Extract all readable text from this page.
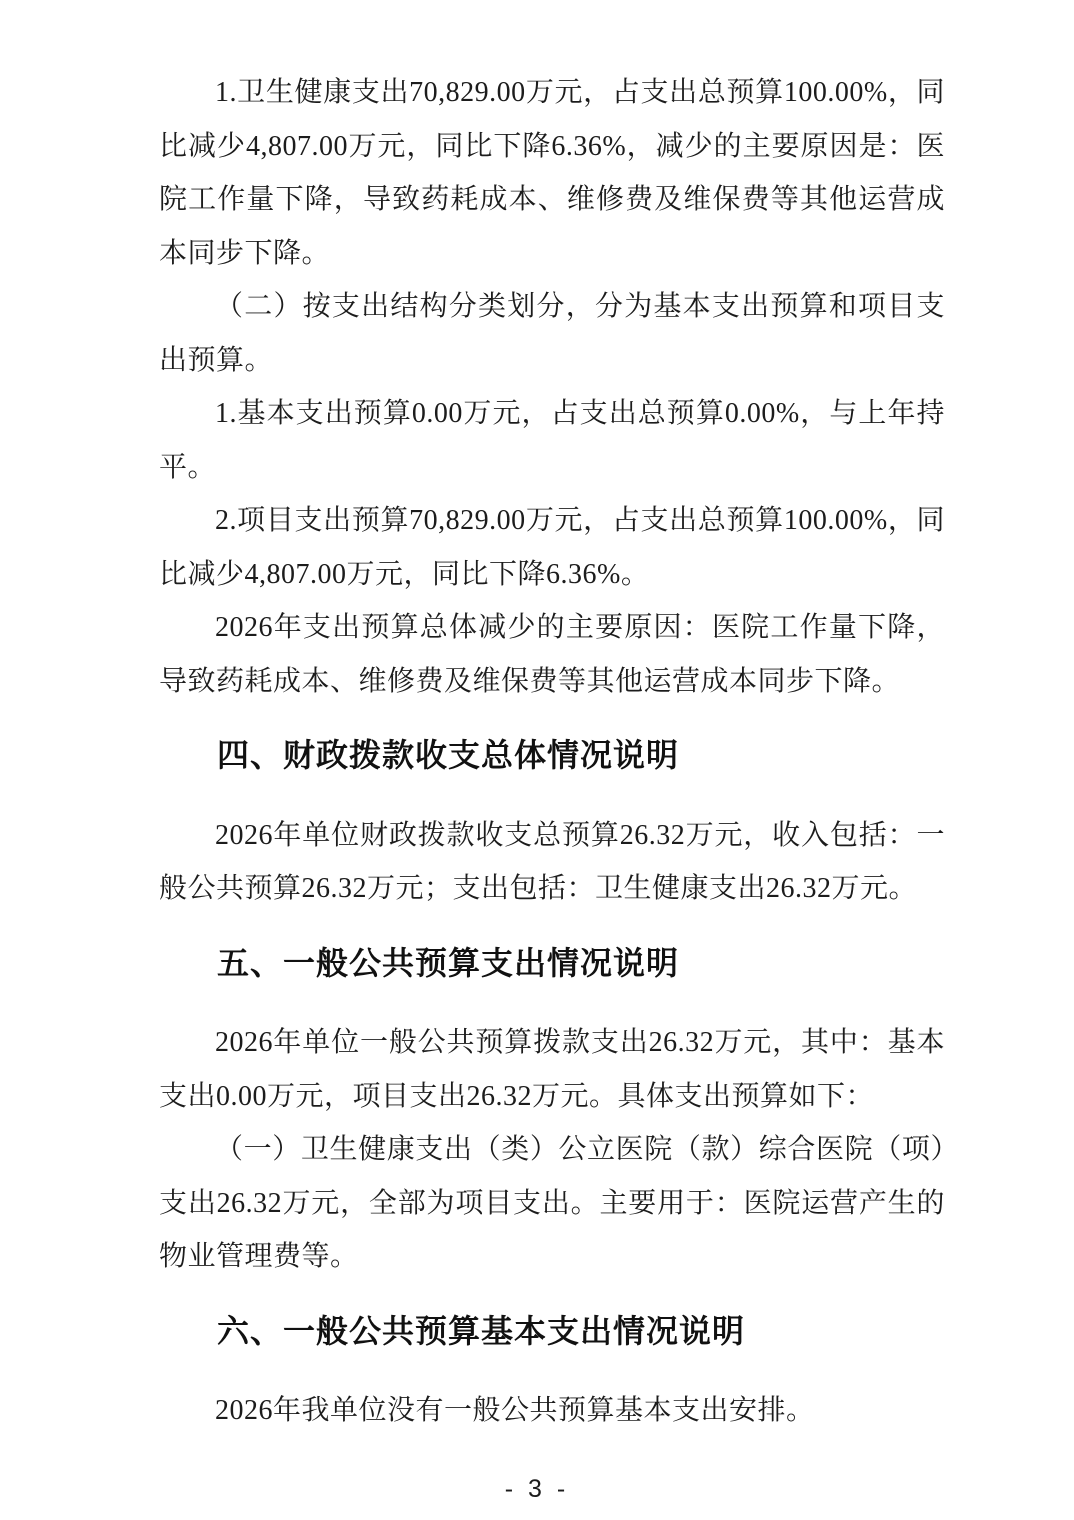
1.卫生健康支出70,829.00万元，占支出总预算100.00%，同比减少4,807.00万元，同比下降6.36%，减少的主要原因是：医院工作量下降，导致药耗成本、维修费及维保费等其他运营成本同步下降。

（二）按支出结构分类划分，分为基本支出预算和项目支出预算。

1.基本支出预算0.00万元，占支出总预算0.00%，与上年持平。

2.项目支出预算70,829.00万元，占支出总预算100.00%，同比减少4,807.00万元，同比下降6.36%。

2026年支出预算总体减少的主要原因：医院工作量下降，导致药耗成本、维修费及维保费等其他运营成本同步下降。

四、财政拨款收支总体情况说明

2026年单位财政拨款收支总预算26.32万元，收入包括：一般公共预算26.32万元；支出包括：卫生健康支出26.32万元。

五、一般公共预算支出情况说明

2026年单位一般公共预算拨款支出26.32万元，其中：基本支出0.00万元，项目支出26.32万元。具体支出预算如下：

（一）卫生健康支出（类）公立医院（款）综合医院（项）支出26.32万元，全部为项目支出。主要用于：医院运营产生的物业管理费等。

六、一般公共预算基本支出情况说明

2026年我单位没有一般公共预算基本支出安排。

- 3 -
